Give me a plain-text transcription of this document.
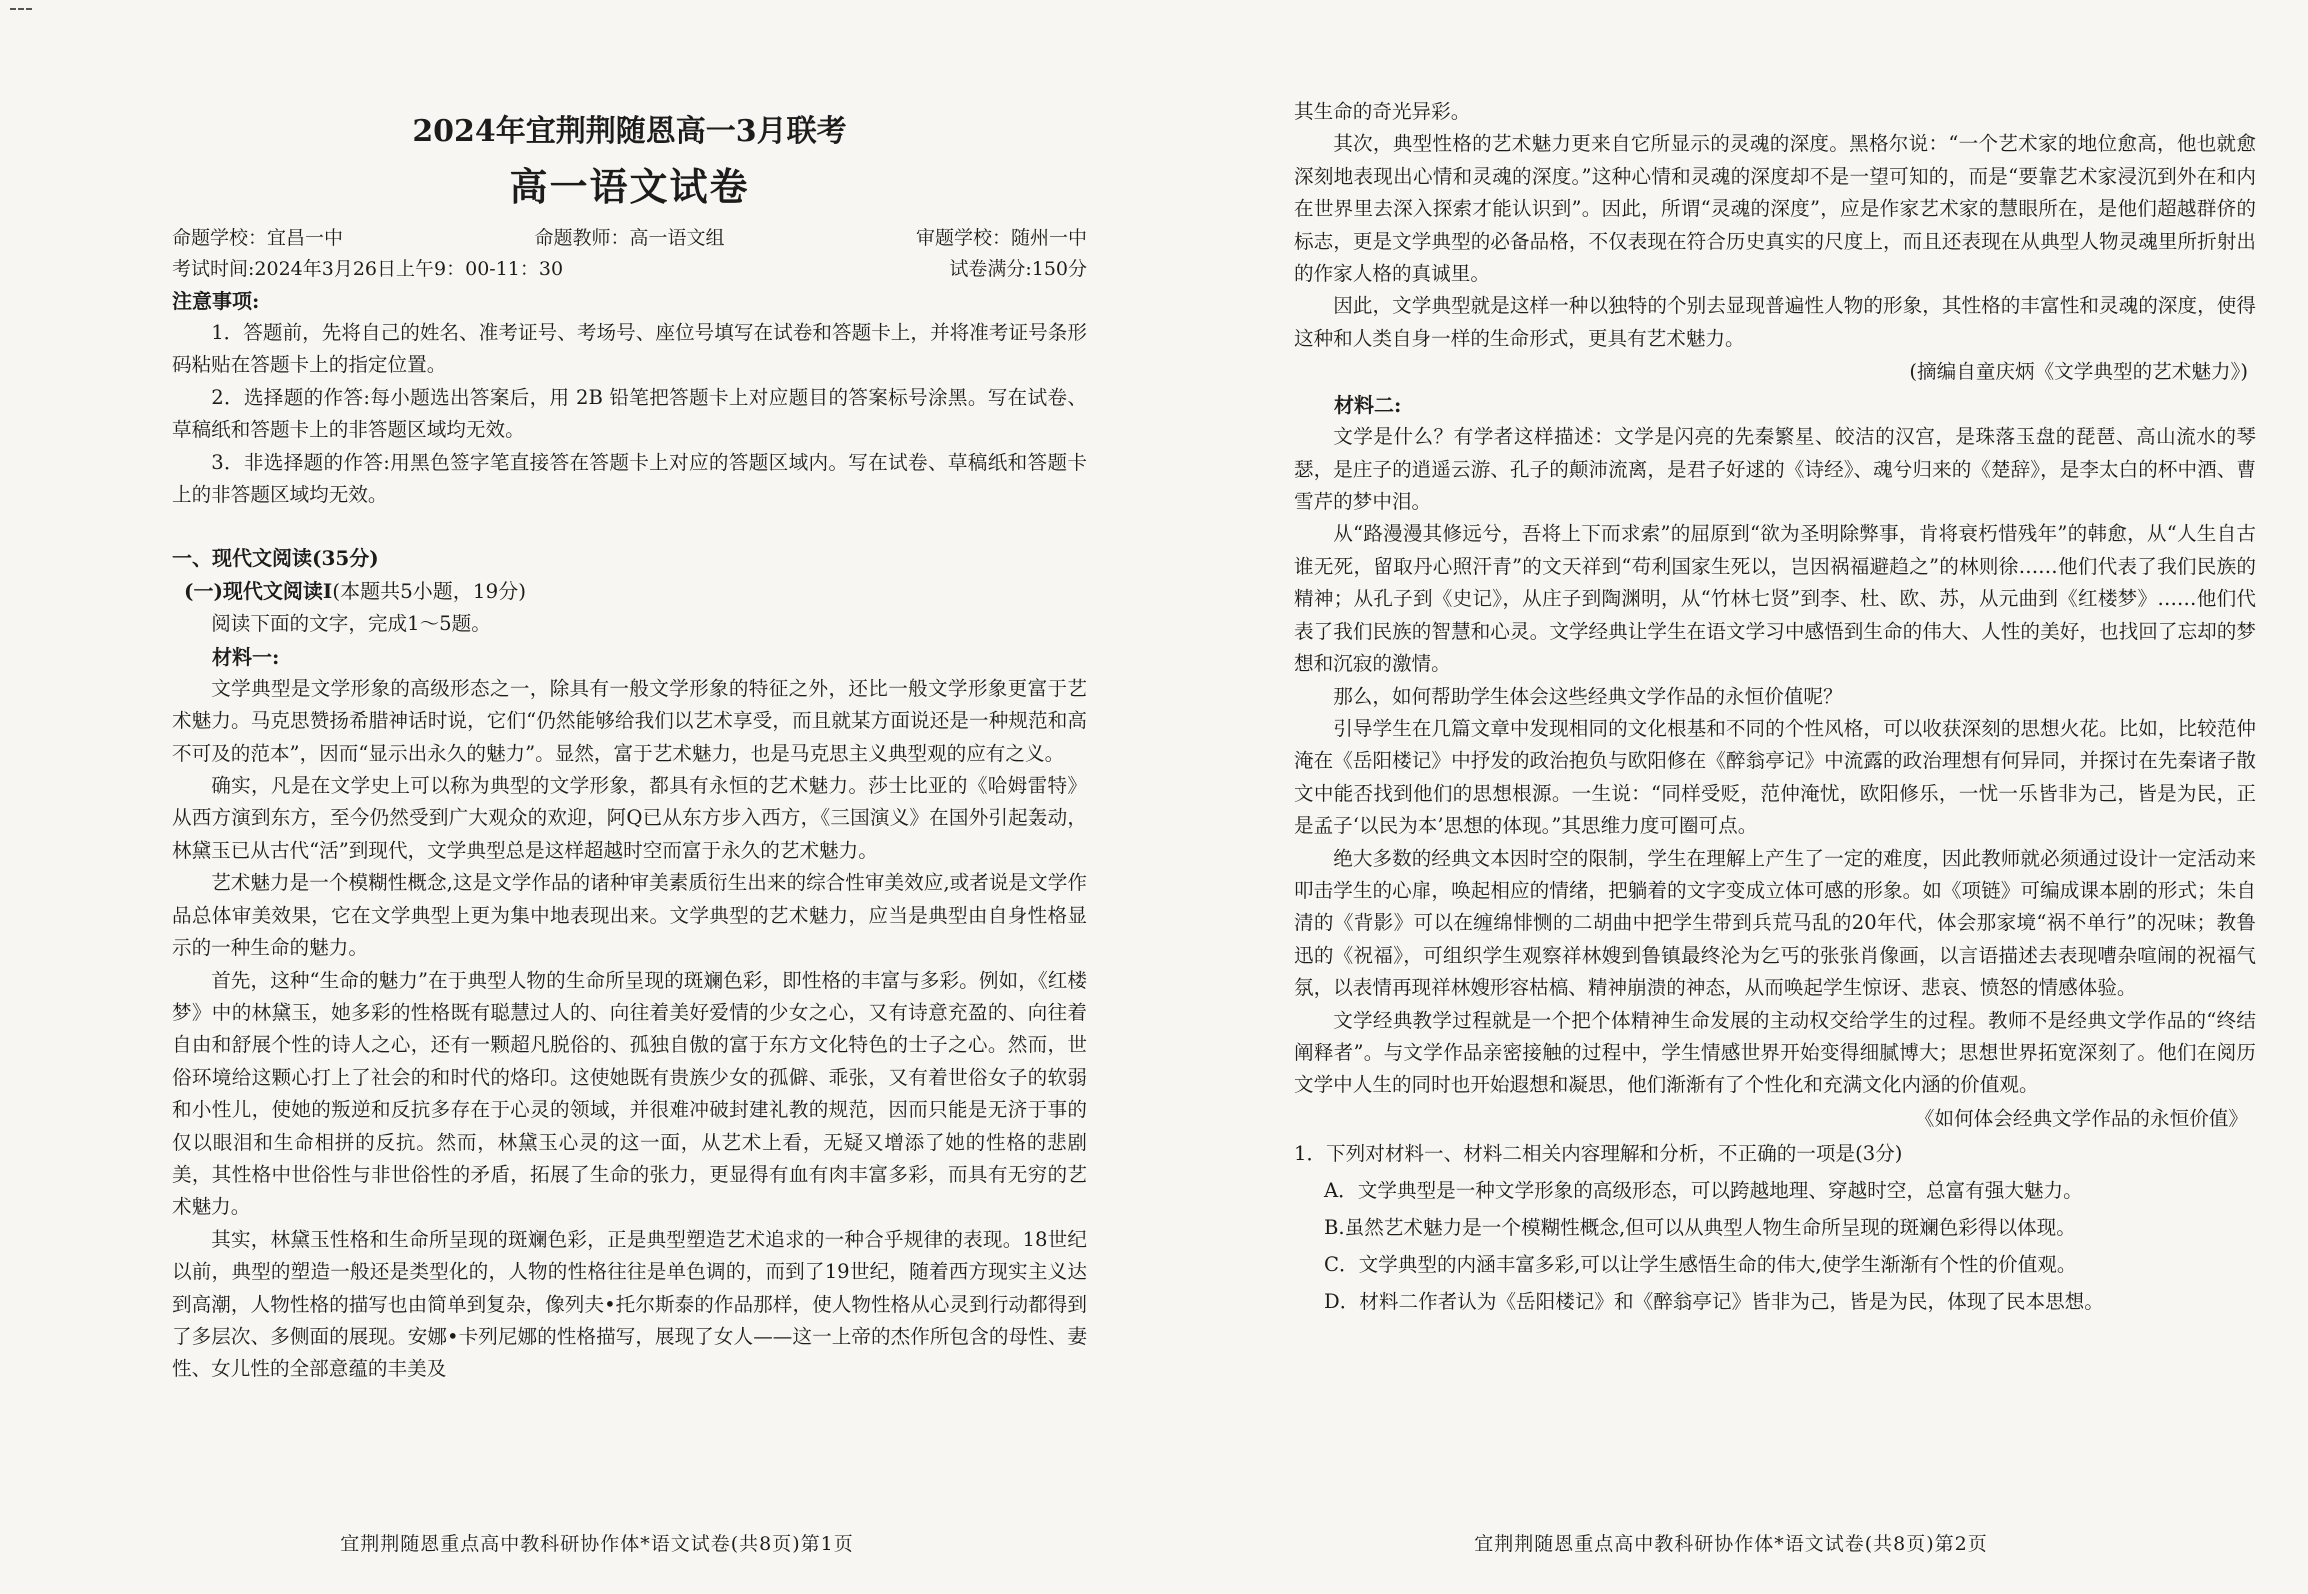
2024年宜荆荆随恩高一3月联考
高一语文试卷
命题学校：宜昌一中	命题教师：高一语文组	审题学校：随州一中
考试时间:2024年3月26日上午9：00-11：30	试卷满分:150分
注意事项:

1．答题前，先将自己的姓名、准考证号、考场号、座位号填写在试卷和答题卡上，并将准考证号条形码粘贴在答题卡上的指定位置。

2．选择题的作答:每小题选出答案后，用 2B 铅笔把答题卡上对应题目的答案标号涂黑。写在试卷、草稿纸和答题卡上的非答题区域均无效。

3．非选择题的作答:用黑色签字笔直接答在答题卡上对应的答题区域内。写在试卷、草稿纸和答题卡上的非答题区域均无效。

一、现代文阅读(35分)
(一)现代文阅读Ⅰ(本题共5小题，19分)

阅读下面的文字，完成1～5题。

材料一:

文学典型是文学形象的高级形态之一，除具有一般文学形象的特征之外，还比一般文学形象更富于艺术魅力。马克思赞扬希腊神话时说，它们“仍然能够给我们以艺术享受，而且就某方面说还是一种规范和高不可及的范本”，因而“显示出永久的魅力”。显然，富于艺术魅力，也是马克思主义典型观的应有之义。

确实，凡是在文学史上可以称为典型的文学形象，都具有永恒的艺术魅力。莎士比亚的《哈姆雷特》从西方演到东方，至今仍然受到广大观众的欢迎，阿Q已从东方步入西方，《三国演义》在国外引起轰动，林黛玉已从古代“活”到现代，文学典型总是这样超越时空而富于永久的艺术魅力。

艺术魅力是一个模糊性概念,这是文学作品的诸种审美素质衍生出来的综合性审美效应,或者说是文学作品总体审美效果，它在文学典型上更为集中地表现出来。文学典型的艺术魅力，应当是典型由自身性格显示的一种生命的魅力。

首先，这种“生命的魅力”在于典型人物的生命所呈现的斑斓色彩，即性格的丰富与多彩。例如，《红楼梦》中的林黛玉，她多彩的性格既有聪慧过人的、向往着美好爱情的少女之心，又有诗意充盈的、向往着自由和舒展个性的诗人之心，还有一颗超凡脱俗的、孤独自傲的富于东方文化特色的士子之心。然而，世俗环境给这颗心打上了社会的和时代的烙印。这使她既有贵族少女的孤僻、乖张，又有着世俗女子的软弱和小性儿，使她的叛逆和反抗多存在于心灵的领域，并很难冲破封建礼教的规范，因而只能是无济于事的仅以眼泪和生命相拼的反抗。然而，林黛玉心灵的这一面，从艺术上看，无疑又增添了她的性格的悲剧美，其性格中世俗性与非世俗性的矛盾，拓展了生命的张力，更显得有血有肉丰富多彩，而具有无穷的艺术魅力。

其实，林黛玉性格和生命所呈现的斑斓色彩，正是典型塑造艺术追求的一种合乎规律的表现。18世纪以前，典型的塑造一般还是类型化的，人物的性格往往是单色调的，而到了19世纪，随着西方现实主义达到高潮，人物性格的描写也由简单到复杂，像列夫•托尔斯泰的作品那样，使人物性格从心灵到行动都得到了多层次、多侧面的展现。安娜•卡列尼娜的性格描写，展现了女人——这一上帝的杰作所包含的母性、妻性、女儿性的全部意蕴的丰美及

宜荆荆随恩重点高中教科研协作体*语文试卷(共8页)第1页

其生命的奇光异彩。

其次，典型性格的艺术魅力更来自它所显示的灵魂的深度。黑格尔说：“一个艺术家的地位愈高，他也就愈深刻地表现出心情和灵魂的深度。”这种心情和灵魂的深度却不是一望可知的，而是“要靠艺术家浸沉到外在和内在世界里去深入探索才能认识到”。因此，所谓“灵魂的深度”，应是作家艺术家的慧眼所在，是他们超越群侪的标志，更是文学典型的必备品格，不仅表现在符合历史真实的尺度上，而且还表现在从典型人物灵魂里所折射出的作家人格的真诚里。

因此，文学典型就是这样一种以独特的个别去显现普遍性人物的形象，其性格的丰富性和灵魂的深度，使得这种和人类自身一样的生命形式，更具有艺术魅力。

(摘编自童庆炳《文学典型的艺术魅力》)
材料二:

文学是什么？有学者这样描述：文学是闪亮的先秦繁星、皎洁的汉宫，是珠落玉盘的琵琶、高山流水的琴瑟，是庄子的逍遥云游、孔子的颠沛流离，是君子好逑的《诗经》、魂兮归来的《楚辞》，是李太白的杯中酒、曹雪芹的梦中泪。

从“路漫漫其修远兮，吾将上下而求索”的屈原到“欲为圣明除弊事，肯将衰朽惜残年”的韩愈，从“人生自古谁无死，留取丹心照汗青”的文天祥到“苟利国家生死以，岂因祸福避趋之”的林则徐……他们代表了我们民族的精神；从孔子到《史记》，从庄子到陶渊明，从“竹林七贤”到李、杜、欧、苏，从元曲到《红楼梦》……他们代表了我们民族的智慧和心灵。文学经典让学生在语文学习中感悟到生命的伟大、人性的美好，也找回了忘却的梦想和沉寂的激情。

那么，如何帮助学生体会这些经典文学作品的永恒价值呢？

引导学生在几篇文章中发现相同的文化根基和不同的个性风格，可以收获深刻的思想火花。比如，比较范仲淹在《岳阳楼记》中抒发的政治抱负与欧阳修在《醉翁亭记》中流露的政治理想有何异同，并探讨在先秦诸子散文中能否找到他们的思想根源。一生说：“同样受贬，范仲淹忧，欧阳修乐，一忧一乐皆非为己，皆是为民，正是孟子‘以民为本’思想的体现。”其思维力度可圈可点。

绝大多数的经典文本因时空的限制，学生在理解上产生了一定的难度，因此教师就必须通过设计一定活动来叩击学生的心扉，唤起相应的情绪，把躺着的文字变成立体可感的形象。如《项链》可编成课本剧的形式；朱自清的《背影》可以在缠绵悱恻的二胡曲中把学生带到兵荒马乱的20年代，体会那家境“祸不单行”的况味；教鲁迅的《祝福》，可组织学生观察祥林嫂到鲁镇最终沦为乞丐的张张肖像画，以言语描述去表现嘈杂喧闹的祝福气氛，以表情再现祥林嫂形容枯槁、精神崩溃的神态，从而唤起学生惊讶、悲哀、愤怒的情感体验。

文学经典教学过程就是一个把个体精神生命发展的主动权交给学生的过程。教师不是经典文学作品的“终结阐释者”。与文学作品亲密接触的过程中，学生情感世界开始变得细腻博大；思想世界拓宽深刻了。他们在阅历文学中人生的同时也开始遐想和凝思，他们渐渐有了个性化和充满文化内涵的价值观。

《如何体会经典文学作品的永恒价值》

1．下列对材料一、材料二相关内容理解和分析，不正确的一项是(3分)

A．文学典型是一种文学形象的高级形态，可以跨越地理、穿越时空，总富有强大魅力。

B.虽然艺术魅力是一个模糊性概念,但可以从典型人物生命所呈现的斑斓色彩得以体现。

C．文学典型的内涵丰富多彩,可以让学生感悟生命的伟大,使学生渐渐有个性的价值观。

D．材料二作者认为《岳阳楼记》和《醉翁亭记》皆非为己，皆是为民，体现了民本思想。

宜荆荆随恩重点高中教科研协作体*语文试卷(共8页)第2页
